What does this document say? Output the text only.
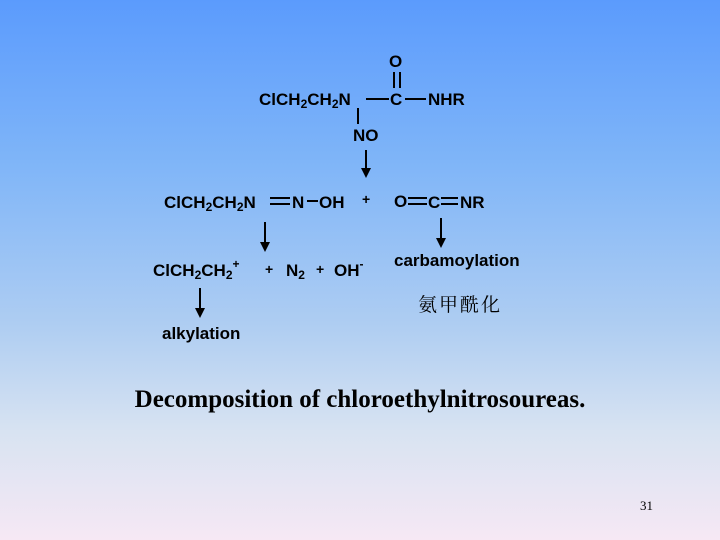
O
$ClCH_2CH_2N$ C NHR
NO
$ClCH_2CH_2N$ N OH + O C NR
$ClCH_2CH_2^+ + N_2 + OH^-$ carbamoylation
氨甲酰化
alkylation
Decomposition of chloroethylnitrosoureas.
31
